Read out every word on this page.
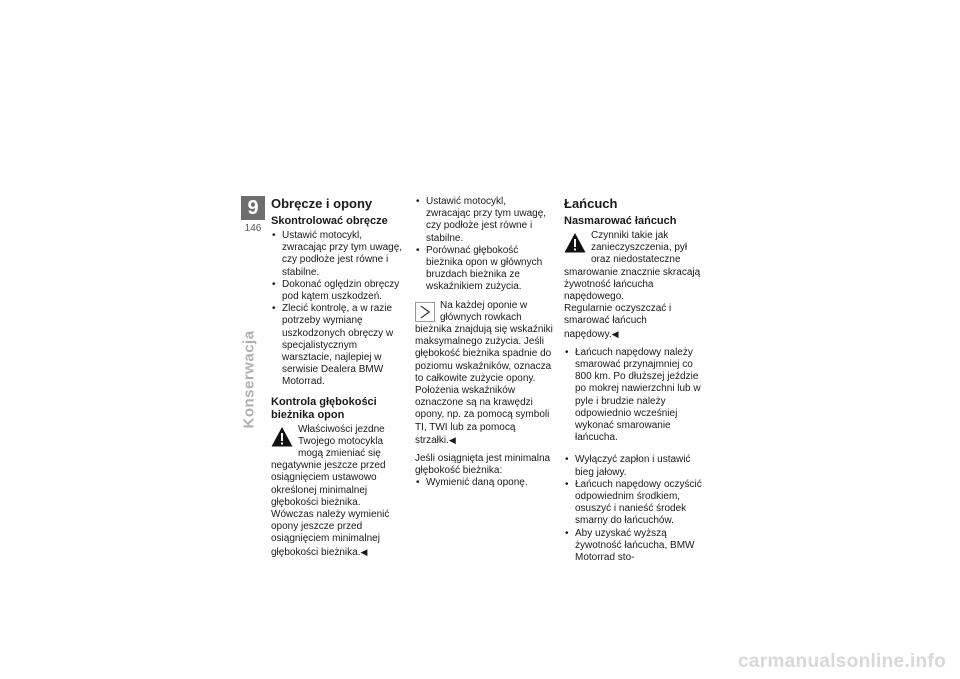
9
146
Konserwacja
Obręcze i opony
Skontrolować obręcze
• Ustawić motocykl, zwracając przy tym uwagę, czy podłoże jest równe i stabilne.
• Dokonać oględzin obręczy pod kątem uszkodzeń.
• Zlecić kontrolę, a w razie potrzeby wymianę uszkodzonych obręczy w specjalistycznym warsztacie, najlepiej w serwisie Dealera BMW Motorrad.
Kontrola głębokości bieżnika opon

Właściwości jezdne Twojego motocykla mogą zmieniać się negatywnie jeszcze przed osiągnięciem ustawowo określonej minimalnej głębokości bieżnika.

Wówczas należy wymienić opony jeszcze przed osiągnięciem minimalnej głębokości bieżnika.◀

• Ustawić motocykl, zwracając przy tym uwagę, czy podłoże jest równe i stabilne.
• Porównać głębokość bieżnika opon w głównych bruzdach bieżnika ze wskaźnikiem zużycia.

Na każdej oponie w głównych rowkach bieżnika znajdują się wskaźniki maksymalnego zużycia. Jeśli głębokość bieżnika spadnie do poziomu wskaźników, oznacza to całkowite zużycie opony. Położenia wskaźników oznaczone są na krawędzi opony, np. za pomocą symboli TI, TWI lub za pomocą strzałki.◀

Jeśli osiągnięta jest minimalna głębokość bieżnika:

• Wymienić daną oponę.
Łańcuch
Nasmarować łańcuch

Czynniki takie jak zanieczyszczenia, pył oraz niedostateczne smarowanie znacznie skracają żywotność łańcucha napędowego.

Regularnie oczyszczać i smarować łańcuch napędowy.◀

• Łańcuch napędowy należy smarować przynajmniej co 800 km. Po dłuższej jeździe po mokrej nawierzchni lub w pyle i brudzie należy odpowiednio wcześniej wykonać smarowanie łańcucha.
• Wyłączyć zapłon i ustawić bieg jałowy.
• Łańcuch napędowy oczyścić odpowiednim środkiem, osuszyć i nanieść środek smarny do łańcuchów.
• Aby uzyskać wyższą żywotność łańcucha, BMW Motorrad sto-
carmanualsonline.info
